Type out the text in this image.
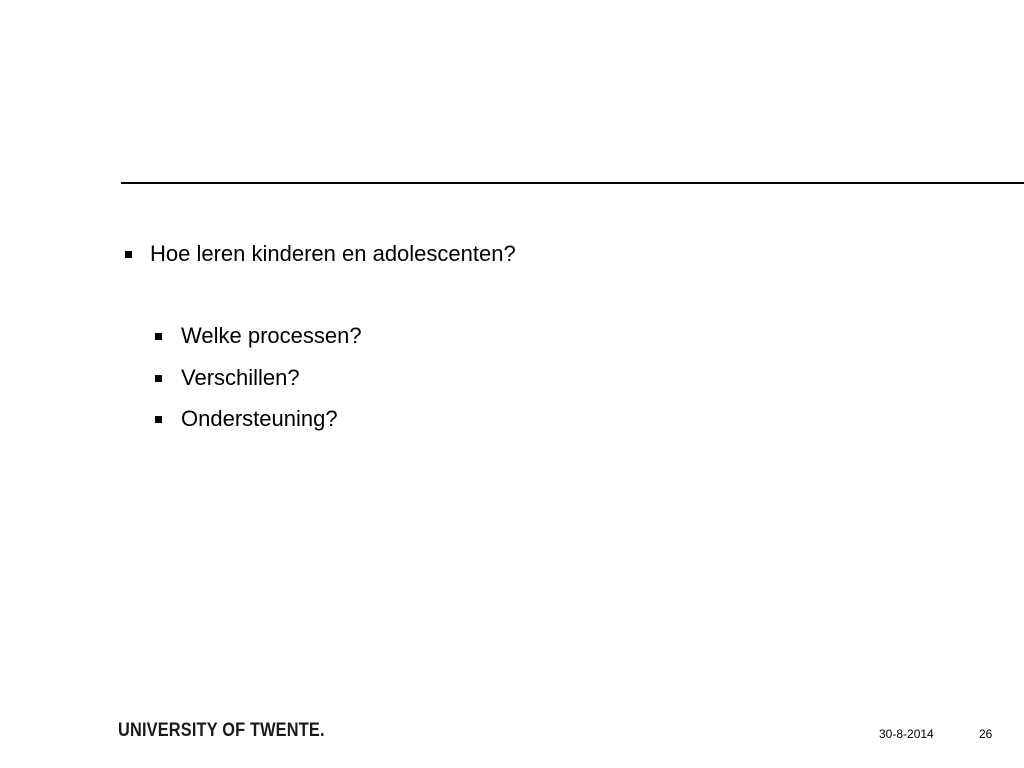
Hoe leren kinderen en adolescenten?
Welke processen?
Verschillen?
Ondersteuning?
UNIVERSITY OF TWENTE.	30-8-2014	26
